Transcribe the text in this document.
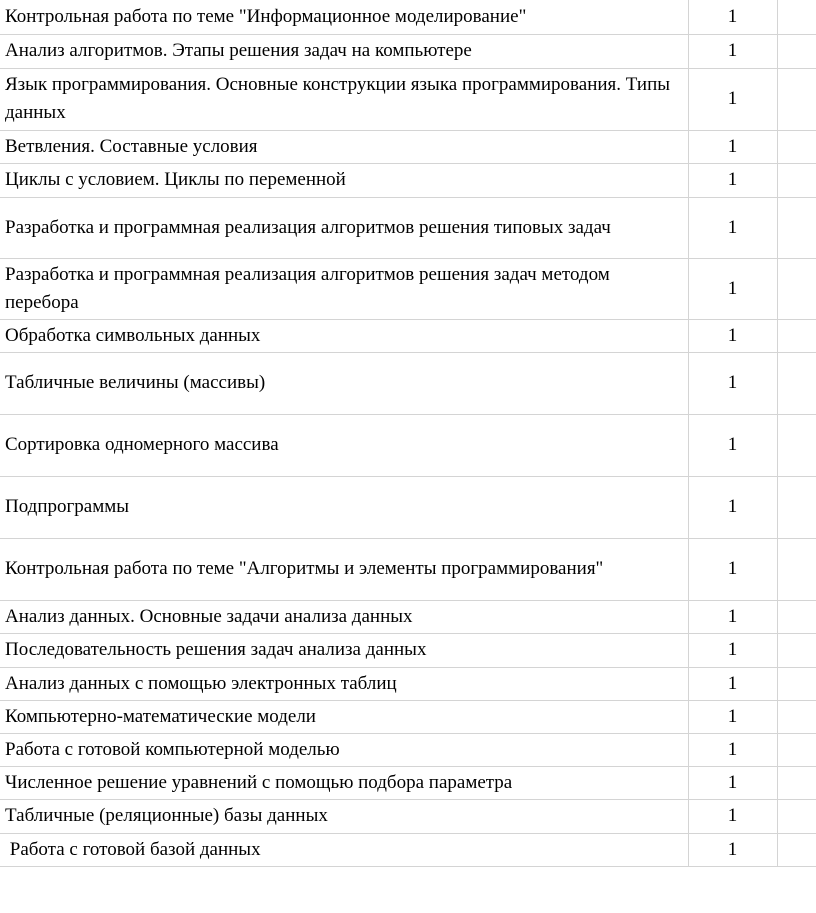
Контрольная работа по теме "Информационное моделирование"	1	
Анализ алгоритмов. Этапы решения задач на компьютере	1	
Язык программирования. Основные конструкции языка программирования. Типы данных	1	
Ветвления. Составные условия	1	
Циклы с условием. Циклы по переменной	1	
Разработка и программная реализация алгоритмов решения типовых задач	1	
Разработка и программная реализация алгоритмов решения задач методом перебора	1	
Обработка символьных данных	1	
Табличные величины (массивы)	1	
Сортировка одномерного массива	1	
Подпрограммы	1	
Контрольная работа по теме "Алгоритмы и элементы программирования"	1	
Анализ данных. Основные задачи анализа данных	1	
Последовательность решения задач анализа данных	1	
Анализ данных с помощью электронных таблиц	1	
Компьютерно-математические модели	1	
Работа с готовой компьютерной моделью	1	
Численное решение уравнений с помощью подбора параметра	1	
Табличные (реляционные) базы данных	1	
Работа с готовой базой данных	1	
